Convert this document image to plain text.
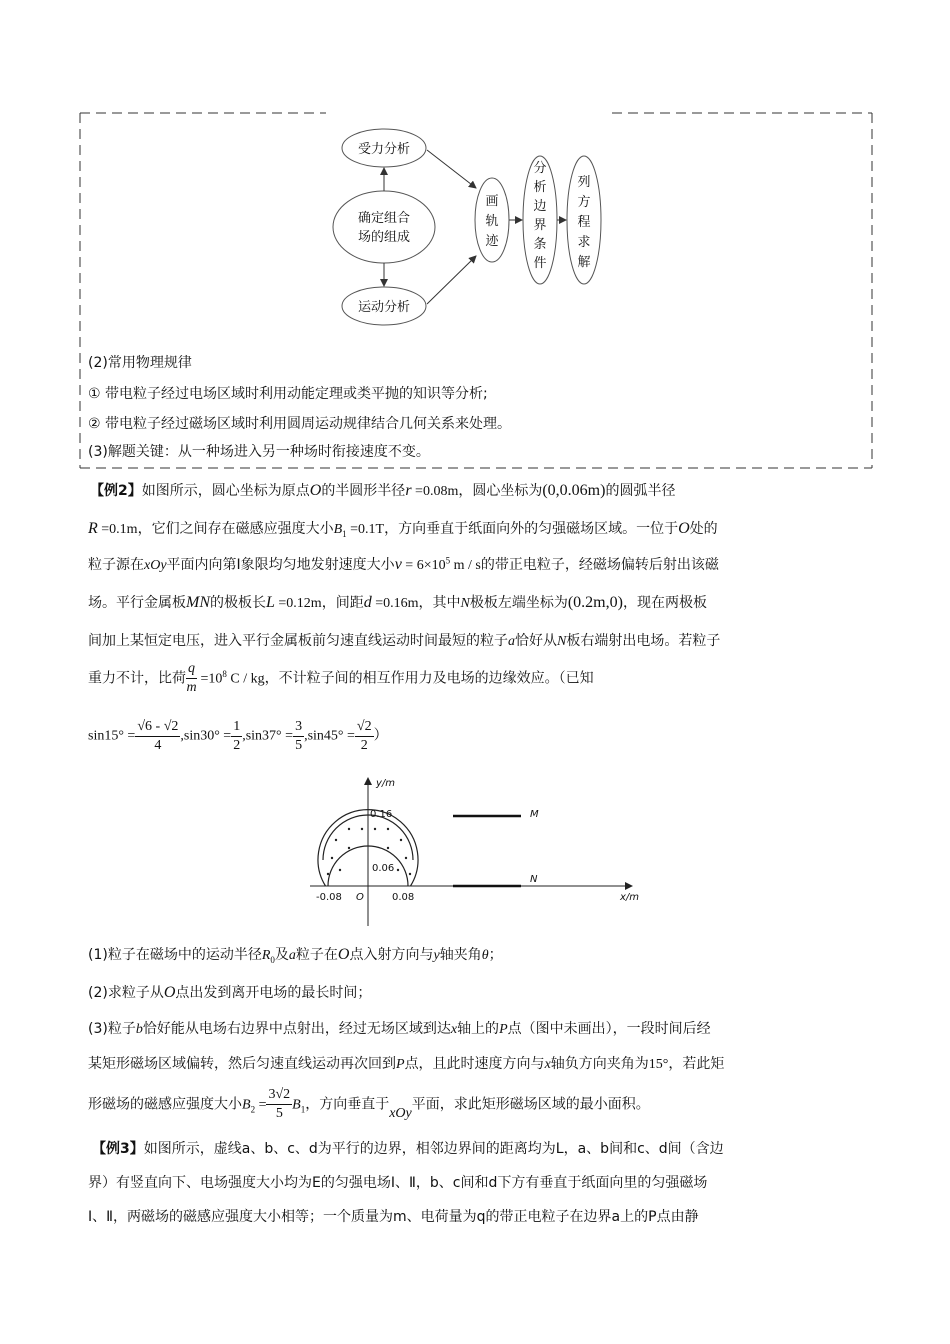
受力分析
确定组合
场的组成
运动分析
画
轨
迹
分
析
边
界
条
件
列
方
程
求
解
(2)常用物理规律
① 带电粒子经过电场区域时利用动能定理或类平抛的知识等分析;
② 带电粒子经过磁场区域时利用圆周运动规律结合几何关系来处理。
(3)解题关键：从一种场进入另一种场时衔接速度不变。
【例2】如图所示，圆心坐标为原点O的半圆形半径r =0.08m，圆心坐标为(0,0.06m)的圆弧半径
R =0.1m，它们之间存在磁感应强度大小$B_1 =0.1T$，方向垂直于纸面向外的匀强磁场区域。一位于O处的
粒子源在xOy平面内向第Ⅰ象限均匀地发射速度大小$v = 6\times 10^5$ m / s的带正电粒子，经磁场偏转后射出该磁
场。平行金属板MN的极板长L =0.12m，间距d =0.16m，其中N极板左端坐标为(0.2m,0)，现在两极板
间加上某恒定电压，进入平行金属板前匀速直线运动时间最短的粒子a恰好从N板右端射出电场。若粒子
重力不计，比荷 $\frac{q}{m} =10^8$ C / kg，不计粒子间的相互作用力及电场的边缘效应。（已知
$\sin 15^\circ = \frac{√6 - √2}{4} ,\sin 30^\circ = \frac{1}{2} ,\sin 37^\circ = \frac{3}{5} ,\sin 45^\circ = \frac{√2}{2}$ ）
y/m
x/m
0.16
0.06
-0.08 O	0.08
M
N
(1)粒子在磁场中的运动半径$R_0$及a粒子在O点入射方向与y轴夹角θ；
(2)求粒子从O点出发到离开电场的最长时间；
(3)粒子b恰好能从电场右边界中点射出，经过无场区域到达x轴上的P点（图中未画出），一段时间后经
某矩形磁场区域偏转，然后匀速直线运动再次回到P点，且此时速度方向与x轴负方向夹角为15°，若此矩
形磁场的磁感应强度大小$B_2 = \frac{3√2}{5} B_1$，方向垂直于xOy平面，求此矩形磁场区域的最小面积。
【例3】如图所示，虚线a、b、c、d为平行的边界，相邻边界间的距离均为L，a、b间和c、d间（含边
界）有竖直向下、电场强度大小均为E的匀强电场Ⅰ、Ⅱ，b、c间和d下方有垂直于纸面向里的匀强磁场
Ⅰ、Ⅱ，两磁场的磁感应强度大小相等；一个质量为m、电荷量为q的带正电粒子在边界a上的P点由静
